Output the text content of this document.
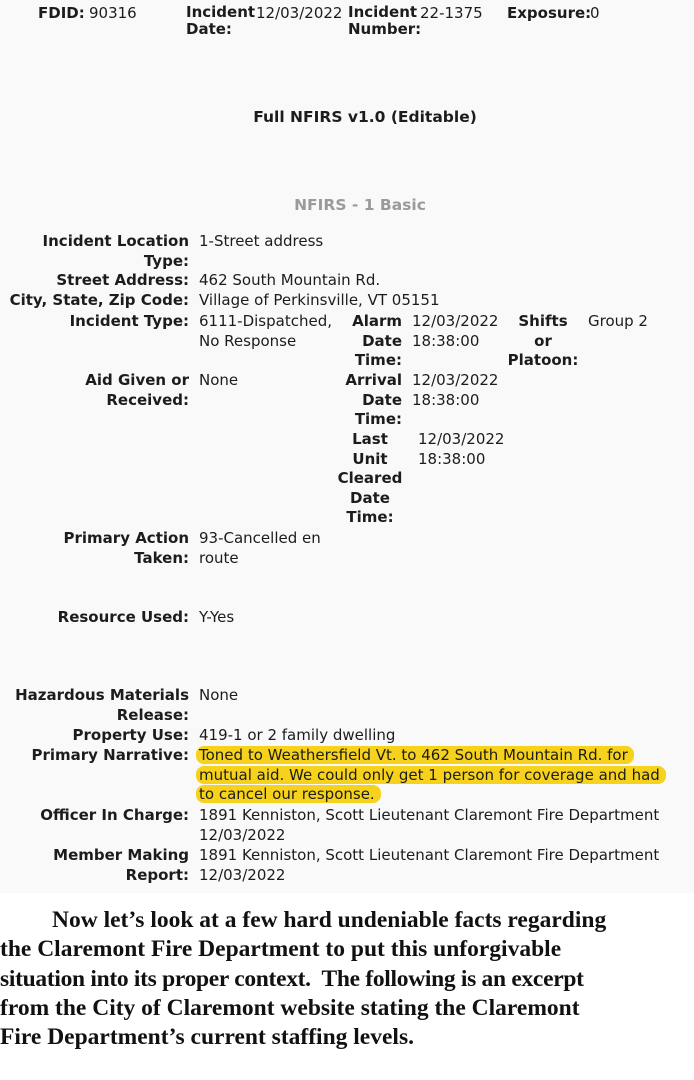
FDID: 90316	Incident
Date:
12/03/2022 Incident
Number:
22-1375 Exposure:
0
Full NFIRS v1.0 (Editable)
NFIRS - 1 Basic
Incident Location
Type:
1-Street address
Street Address: 462 South Mountain Rd.
City, State, Zip Code: Village of Perkinsville, VT 05151
Incident Type: 6111-Dispatched,
No Response
Alarm
Date
Time:
12/03/2022
18:38:00
Shifts
or
Platoon:
Group 2
Aid Given or
Received:
None	Arrival
Date
Time:
12/03/2022
18:38:00
Last
Unit
Cleared
Date
Time:
12/03/2022
18:38:00
Primary Action
Taken:
93-Cancelled en
route
Resource Used: Y-Yes
Hazardous Materials
Release:
None
Property Use: 419-1 or 2 family dwelling
Primary Narrative: Toned to Weathersfield Vt. to 462 South Mountain Rd. for
mutual aid. We could only get 1 person for coverage and had
to cancel our response.
Officer In Charge: 1891 Kenniston, Scott Lieutenant Claremont Fire Department
12/03/2022
Member Making
Report:
1891 Kenniston, Scott Lieutenant Claremont Fire Department
12/03/2022

Now let’s look at a few hard undeniable facts regarding

the Claremont Fire Department to put this unforgivable

situation into its proper context.  The following is an excerpt

from the City of Claremont website stating the Claremont

Fire Department’s current staffing levels.
